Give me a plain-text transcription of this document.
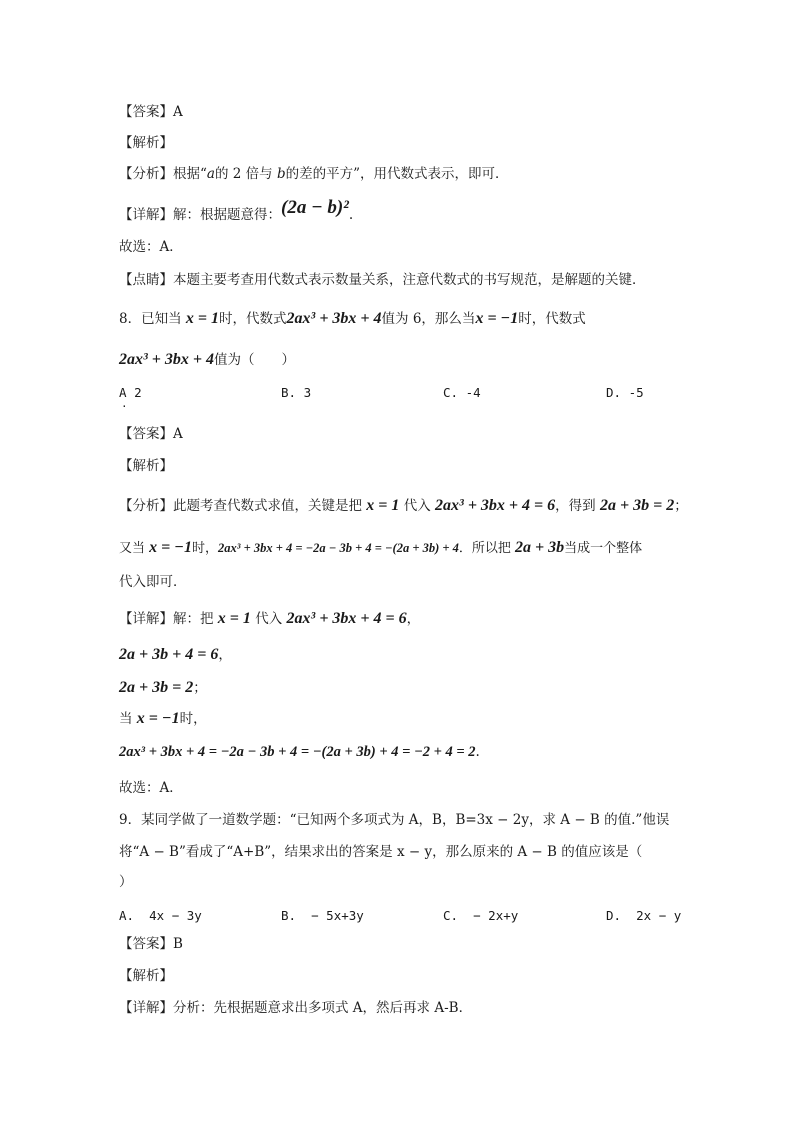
【答案】A
【解析】
【分析】根据“a的 2 倍与 b的差的平方”，用代数式表示，即可．
【详解】解：根据题意得：(2a − b)².
故选：A．
【点睛】本题主要考查用代数式表示数量关系，注意代数式的书写规范，是解题的关键．
8．已知当 x = 1时，代数式2ax³ + 3bx + 4值为 6，那么当x = −1时，代数式
2ax³ + 3bx + 4值为（　　）
A 2
.
B. 3	C. -4	D. -5
【答案】A
【解析】
【分析】此题考查代数式求值，关键是把 x = 1 代入 2ax³ + 3bx + 4 = 6，得到 2a + 3b = 2；
又当 x = −1时，2ax³ + 3bx + 4 = −2a − 3b + 4 = −(2a + 3b) + 4．所以把 2a + 3b当成一个整体
代入即可．
【详解】解：把 x = 1 代入 2ax³ + 3bx + 4 = 6，
2a + 3b + 4 = 6，
2a + 3b = 2；
当 x = −1时，
2ax³ + 3bx + 4 = −2a − 3b + 4 = −(2a + 3b) + 4 = −2 + 4 = 2.
故选：A．
9．某同学做了一道数学题：“已知两个多项式为 A，B，B=3x − 2y，求 A − B 的值.”他误
将“A − B”看成了“A+B”，结果求出的答案是 x − y，那么原来的 A − B 的值应该是（
）
A. 4x − 3y	B. − 5x+3y	C. − 2x+y	D. 2x − y
【答案】B
【解析】
【详解】分析：先根据题意求出多项式 A，然后再求 A-B．
